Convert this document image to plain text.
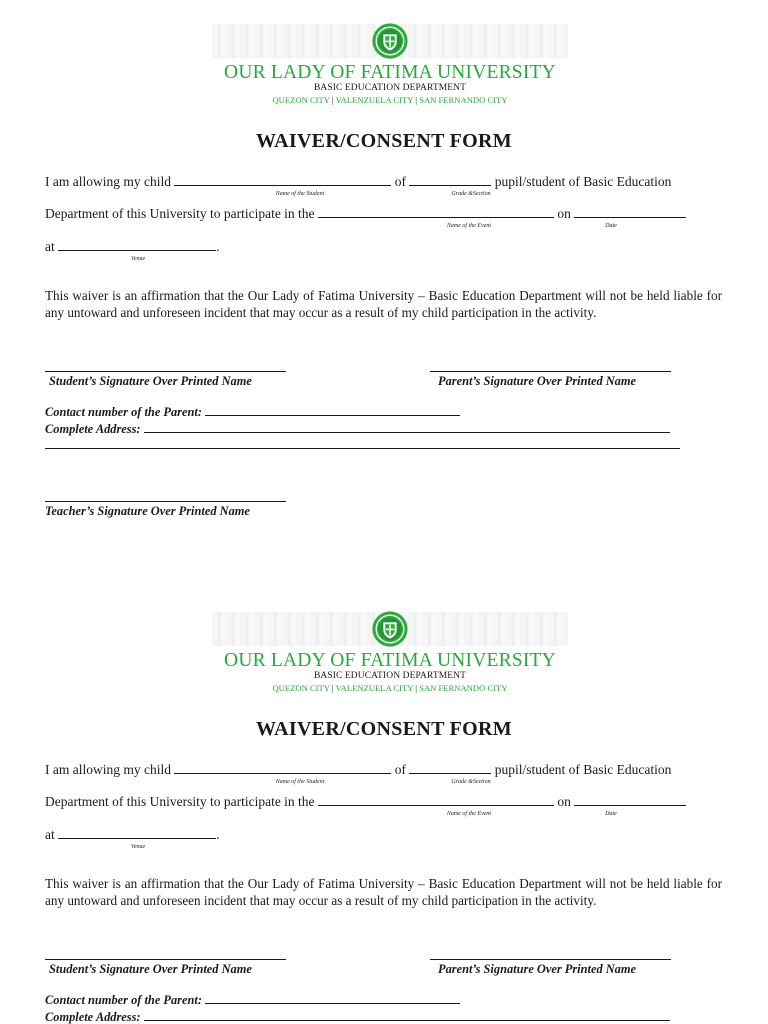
OUR LADY OF FATIMA UNIVERSITY
BASIC EDUCATION DEPARTMENT
QUEZON CITY | VALENZUELA CITY | SAN FERNANDO CITY
WAIVER/CONSENT FORM
I am allowing my child	of	pupil/student of Basic Education
Name of the Student	Grade &Section
Department of this University to participate in the	on
Name of the Event	Date
at	.
Venue
This waiver is an affirmation that the Our Lady of Fatima University – Basic Education Department will not be held liable for any untoward and unforeseen incident that may occur as a result of my child participation in the activity.
Student’s Signature Over Printed Name	Parent’s Signature Over Printed Name
Contact number of the Parent:
Complete Address:
Teacher’s Signature Over Printed Name
OUR LADY OF FATIMA UNIVERSITY
BASIC EDUCATION DEPARTMENT
QUEZON CITY | VALENZUELA CITY | SAN FERNANDO CITY
WAIVER/CONSENT FORM
I am allowing my child	of	pupil/student of Basic Education
Name of the Student	Grade &Section
Department of this University to participate in the	on
Name of the Event	Date
at	.
Venue
This waiver is an affirmation that the Our Lady of Fatima University – Basic Education Department will not be held liable for any untoward and unforeseen incident that may occur as a result of my child participation in the activity.
Student’s Signature Over Printed Name	Parent’s Signature Over Printed Name
Contact number of the Parent:
Complete Address:
